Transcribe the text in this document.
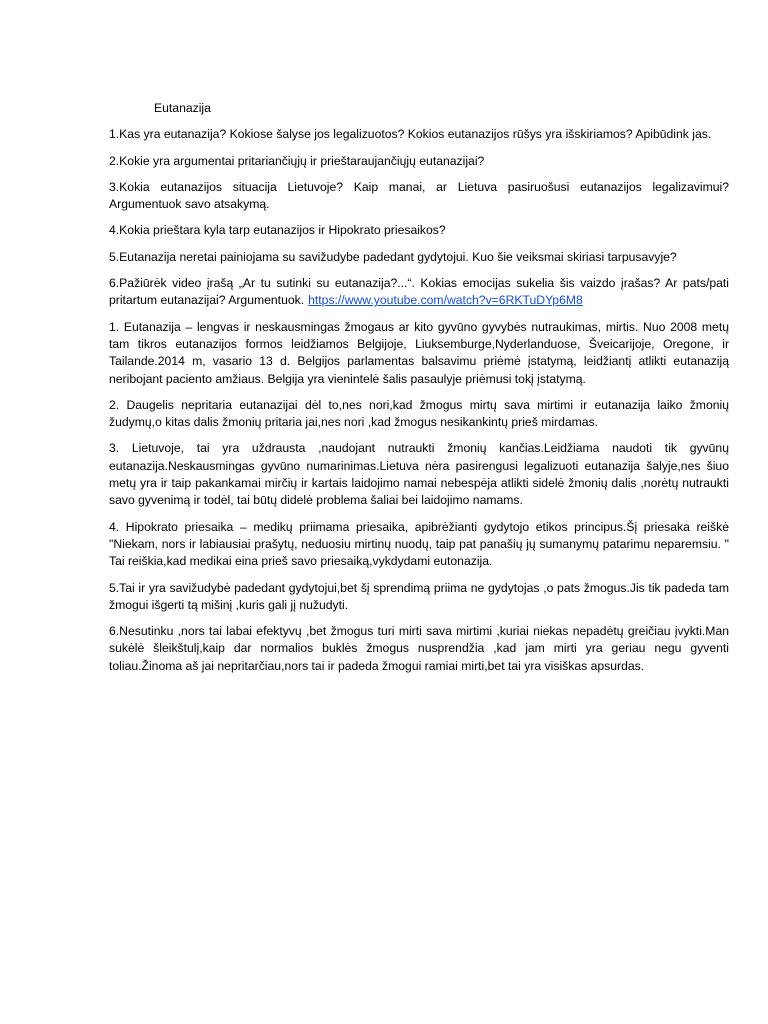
Eutanazija

1.Kas yra eutanazija? Kokiose šalyse jos legalizuotos? Kokios eutanazijos rūšys yra išskiriamos? Apibūdink jas.

2.Kokie yra argumentai pritariančiųjų ir prieštaraujančiųjų eutanazijai?

3.Kokia eutanazijos situacija Lietuvoje? Kaip manai, ar Lietuva pasiruošusi eutanazijos legalizavimui? Argumentuok savo atsakymą.

4.Kokia prieštara kyla tarp eutanazijos ir Hipokrato priesaikos?

5.Eutanazija neretai painiojama su savižudybe padedant gydytojui. Kuo šie veiksmai skiriasi tarpusavyje?

6.Pažiūrėk video įrašą „Ar tu sutinki su eutanazija?...“. Kokias emocijas sukelia šis vaizdo įrašas? Ar pats/pati pritartum eutanazijai? Argumentuok. https://www.youtube.com/watch?v=6RKTuDYp6M8

1. Eutanazija – lengvas ir neskausmingas žmogaus ar kito gyvūno gyvybės nutraukimas, mirtis. Nuo 2008 metų tam tikros eutanazijos formos leidžiamos Belgijoje, Liuksemburge,Nyderlanduose, Šveicarijoje, Oregone, ir Tailande.2014 m, vasario 13 d. Belgijos parlamentas balsavimu priėmė įstatymą, leidžiantį atlikti eutanaziją neribojant paciento amžiaus. Belgija yra vienintelė šalis pasaulyje priėmusi tokį įstatymą.

2. Daugelis nepritaria eutanazijai dėl to,nes nori,kad žmogus mirtų sava mirtimi ir eutanazija laiko žmonių žudymų,o kitas dalis žmonių pritaria jai,nes nori ,kad žmogus nesikankintų prieš mirdamas.

3. Lietuvoje, tai yra uždrausta ,naudojant nutraukti žmonių kančias.Leidžiama naudoti tik gyvūnų eutanazija.Neskausmingas gyvūno numarinimas.Lietuva nėra pasirengusi legalizuoti eutanazija šalyje,nes šiuo metų yra ir taip pakankamai mirčių ir kartais laidojimo namai nebespėja atlikti sidelė žmonių dalis ,norėtų nutraukti savo gyvenimą ir todėl, tai būtų didelė problema šaliai bei laidojimo namams.

4. Hipokrato priesaika – medikų priimama priesaika, apibrėžianti gydytojo etikos principus.Šį priesaka reiškė "Niekam, nors ir labiausiai prašytų, neduosiu mirtinų nuodų, taip pat panašių jų sumanymų patarimu neparemsiu. " Tai reiškia,kad medikai eina prieš savo priesaiką,vykdydami eutonazija.

5.Tai ir yra savižudybė padedant gydytojui,bet šį sprendimą priima ne gydytojas ,o pats žmogus.Jis tik padeda tam žmogui išgerti tą mišinį ,kuris gali jį nužudyti.

6.Nesutinku ,nors tai labai efektyvų ,bet žmogus turi mirti sava mirtimi ,kuriai niekas nepadėtų greičiau įvykti.Man sukėlė šleikštulį,kaip dar normalios buklės žmogus nusprendžia ,kad jam mirti yra geriau negu gyventi toliau.Žinoma aš jai nepritarčiau,nors tai ir padeda žmogui ramiai mirti,bet tai yra visiškas apsurdas.
